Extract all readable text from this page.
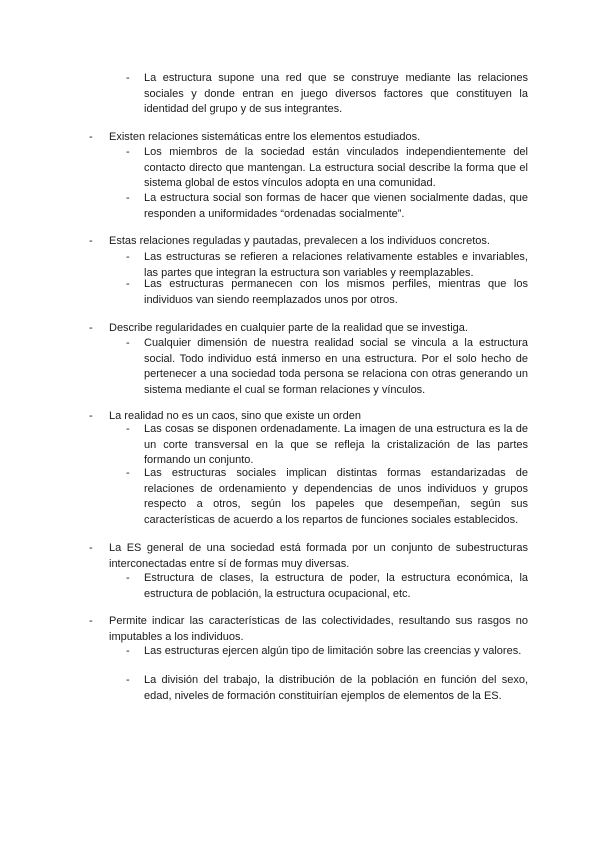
- La estructura supone una red que se construye mediante las relaciones sociales y donde entran en juego diversos factores que constituyen la identidad del grupo y de sus integrantes.
- Existen relaciones sistemáticas entre los elementos estudiados.
- Los miembros de la sociedad están vinculados independientemente del contacto directo que mantengan. La estructura social describe la forma que el sistema global de estos vínculos adopta en una comunidad.
- La estructura social son formas de hacer que vienen socialmente dadas, que responden a uniformidades “ordenadas socialmente”.
- Estas relaciones reguladas y pautadas, prevalecen a los individuos concretos.
- Las estructuras se refieren a relaciones relativamente estables e invariables, las partes que integran la estructura son variables y reemplazables.
- Las estructuras permanecen con los mismos perfiles, mientras que los individuos van siendo reemplazados unos por otros.
- Describe regularidades en cualquier parte de la realidad que se investiga.
- Cualquier dimensión de nuestra realidad social se vincula a la estructura social. Todo individuo está inmerso en una estructura. Por el solo hecho de pertenecer a una sociedad toda persona se relaciona con otras generando un sistema mediante el cual se forman relaciones y vínculos.
- La realidad no es un caos, sino que existe un orden
- Las cosas se disponen ordenadamente. La imagen de una estructura es la de un corte transversal en la que se refleja la cristalización de las partes formando un conjunto.
- Las estructuras sociales implican distintas formas estandarizadas de relaciones de ordenamiento y dependencias de unos individuos y grupos respecto a otros, según los papeles que desempeñan, según sus características de acuerdo a los repartos de funciones sociales establecidos.
- La ES general de una sociedad está formada por un conjunto de subestructuras interconectadas entre sí de formas muy diversas.
- Estructura de clases, la estructura de poder, la estructura económica, la estructura de población, la estructura ocupacional, etc.
- Permite indicar las características de las colectividades, resultando sus rasgos no imputables a los individuos.
- Las estructuras ejercen algún tipo de limitación sobre las creencias y valores.
- La división del trabajo, la distribución de la población en función del sexo, edad, niveles de formación constituirían ejemplos de elementos de la ES.
